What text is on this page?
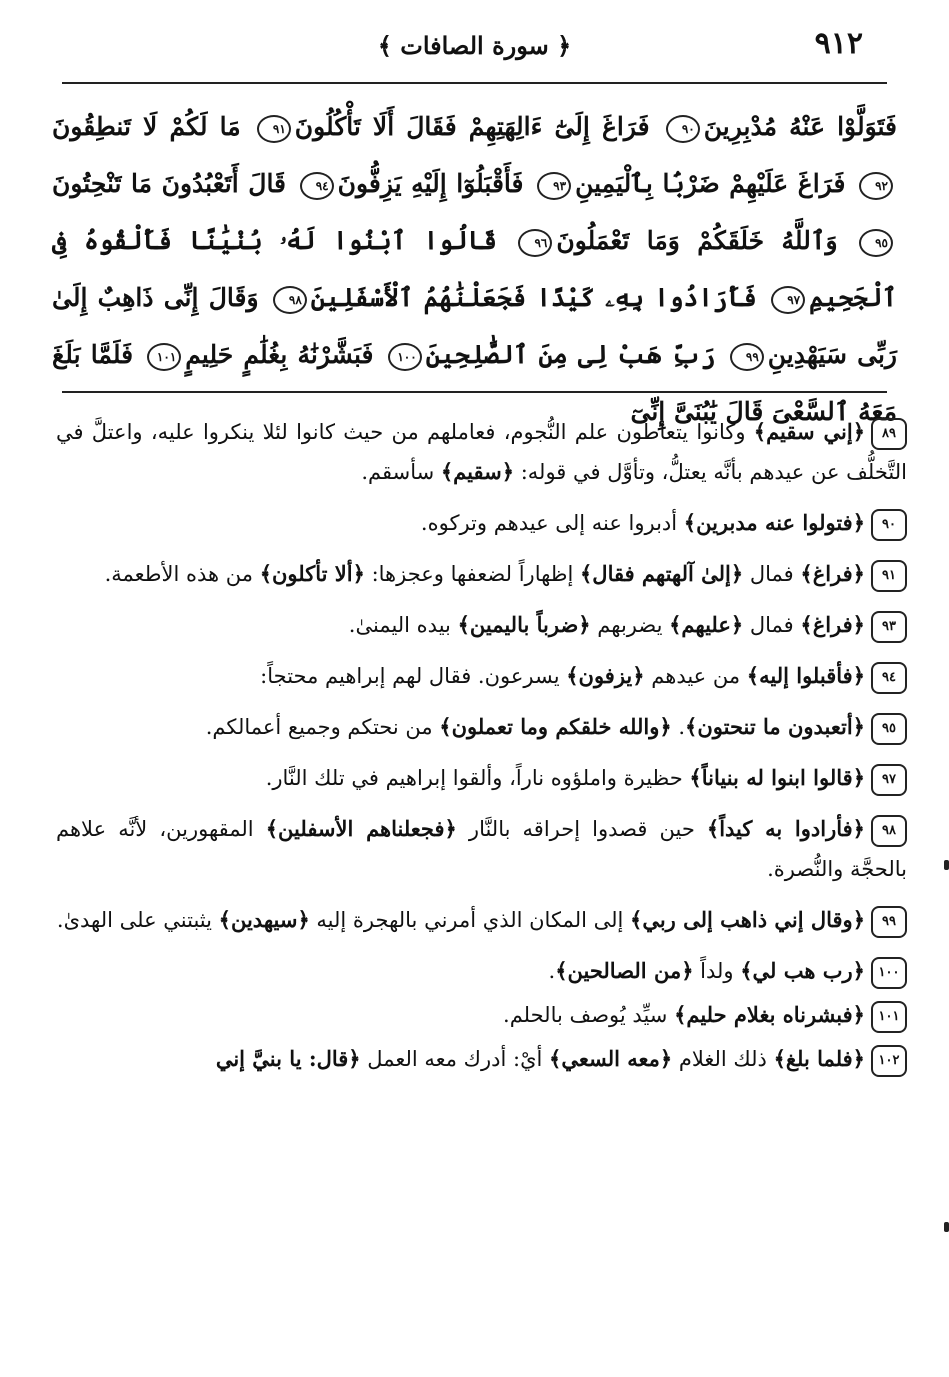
٩١٢
﴿ سورة الصافات ﴾
فَتَوَلَّوْا عَنْهُ مُدْبِرِينَ٩٠ فَرَاغَ إِلَىٰٓ ءَالِهَتِهِمْ فَقَالَ أَلَا تَأْكُلُونَ٩١ مَا لَكُمْ لَا تَنطِقُونَ٩٢ فَرَاغَ عَلَيْهِمْ ضَرْبَۢا بِٱلْيَمِينِ٩٣ فَأَقْبَلُوٓا إِلَيْهِ يَزِفُّونَ٩٤ قَالَ أَتَعْبُدُونَ مَا تَنْحِتُونَ٩٥ وَٱللَّهُ خَلَقَكُمْ وَمَا تَعْمَلُونَ٩٦ قَالُوا ٱبْنُوا لَهُۥ بُنْيَٰنًا فَأَلْقُوهُ فِى ٱلْجَحِيمِ٩٧ فَأَرَادُوا بِهِۦ كَيْدًا فَجَعَلْنَٰهُمُ ٱلْأَسْفَلِينَ٩٨ وَقَالَ إِنِّى ذَاهِبٌ إِلَىٰ رَبِّى سَيَهْدِينِ٩٩ رَبِّ هَبْ لِى مِنَ ٱلصَّٰلِحِينَ١٠٠ فَبَشَّرْنَٰهُ بِغُلَٰمٍ حَلِيمٍ١٠١ فَلَمَّا بَلَغَ مَعَهُ ٱلسَّعْىَ قَالَ يَٰبُنَىَّ إِنِّىٓ
٨٩﴿إني سقيم﴾ وكانوا يتعاطون علم النُّجوم، فعاملهم من حيث كانوا لئلا ينكروا عليه، واعتلَّ في التَّخلُّف عن عيدهم بأنَّه يعتلُّ، وتأوَّل في قوله: ﴿سقيم﴾ سأسقم.
٩٠﴿فتولوا عنه مدبرين﴾ أدبروا عنه إلى عيدهم وتركوه.
٩١﴿فراغ﴾ فمال ﴿إلىٰ آلهتهم فقال﴾ إظهاراً لضعفها وعجزها: ﴿ألا تأكلون﴾ من هذه الأطعمة.
٩٣﴿فراغ﴾ فمال ﴿عليهم﴾ يضربهم ﴿ضرباً باليمين﴾ بيده اليمنىٰ.
٩٤﴿فأقبلوا إليه﴾ من عيدهم ﴿يزفون﴾ يسرعون. فقال لهم إبراهيم محتجاً:
٩٥﴿أتعبدون ما تنحتون﴾. ﴿والله خلقكم وما تعملون﴾ من نحتكم وجميع أعمالكم.
٩٧﴿قالوا ابنوا له بنياناً﴾ حظيرة واملؤوه ناراً، وألقوا إبراهيم في تلك النَّار.
٩٨﴿فأرادوا به كيداً﴾ حين قصدوا إحراقه بالنَّار ﴿فجعلناهم الأسفلين﴾ المقهورين، لأنَّه علاهم بالحجَّة والنُّصرة.
٩٩﴿وقال إني ذاهب إلى ربي﴾ إلى المكان الذي أمرني بالهجرة إليه ﴿سيهدين﴾ يثبتني على الهدىٰ.
١٠٠﴿رب هب لي﴾ ولداً ﴿من الصالحين﴾.
١٠١﴿فبشرناه بغلام حليم﴾ سيِّد يُوصف بالحلم.
١٠٢﴿فلما بلغ﴾ ذلك الغلام ﴿معه السعي﴾ أيْ: أدرك معه العمل ﴿قال: يا بنيَّ إني
